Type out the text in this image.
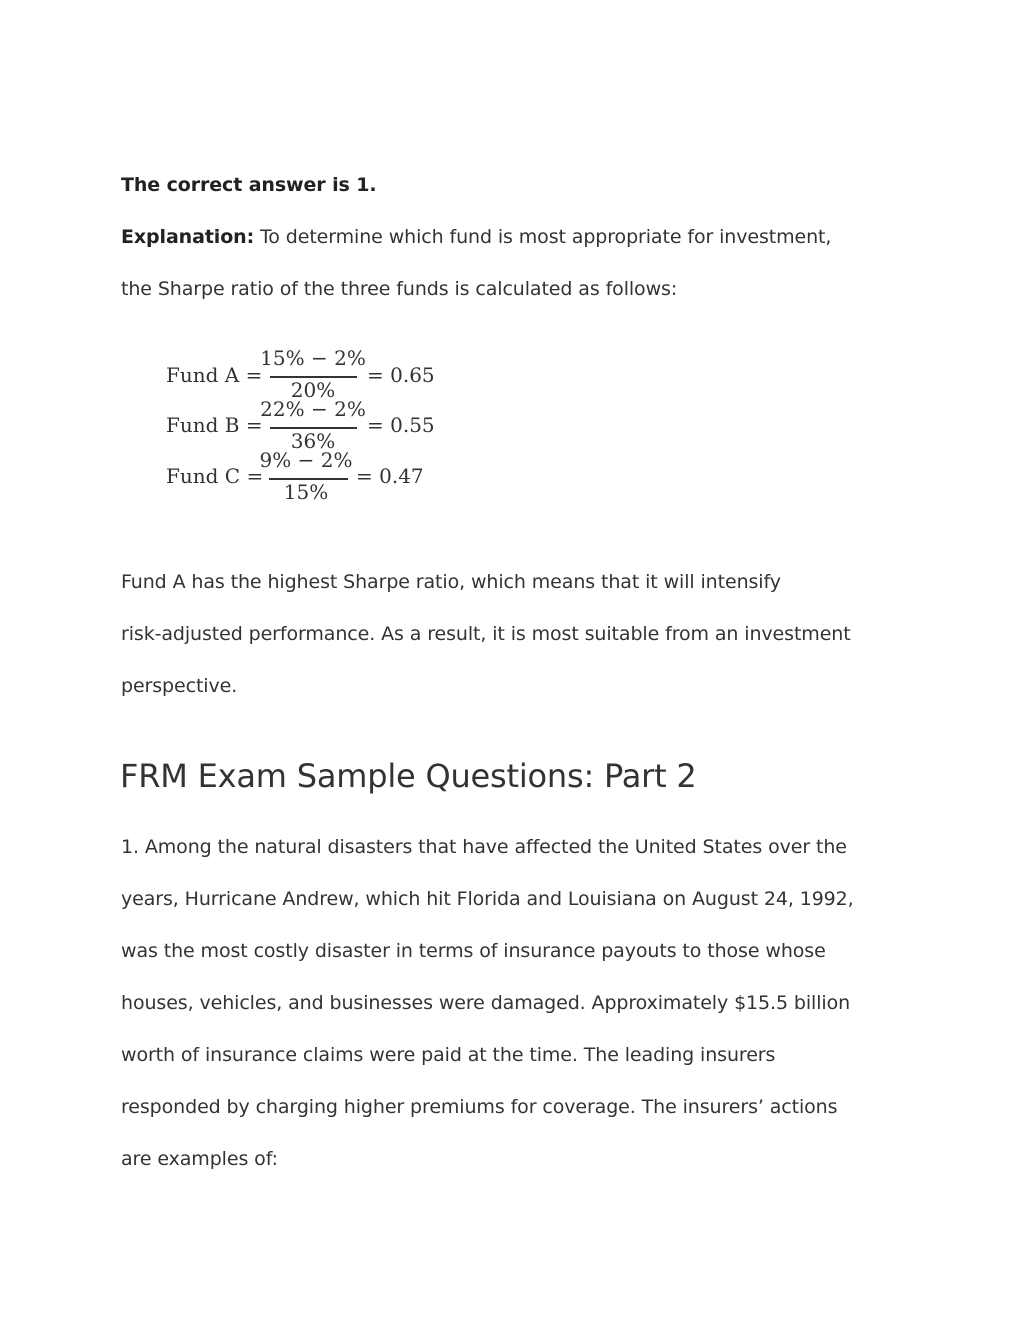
The correct answer is 1.
Explanation: To determine which fund is most appropriate for investment,
the Sharpe ratio of the three funds is calculated as follows:
Fund A =
15% − 2%
20%
= 0.65
Fund B =
22% − 2%
36%
= 0.55
Fund C =
9% − 2%
15%
= 0.47
Fund A has the highest Sharpe ratio, which means that it will intensify
risk-adjusted performance. As a result, it is most suitable from an investment
perspective.
FRM Exam Sample Questions: Part 2
1. Among the natural disasters that have affected the United States over the
years, Hurricane Andrew, which hit Florida and Louisiana on August 24, 1992,
was the most costly disaster in terms of insurance payouts to those whose
houses, vehicles, and businesses were damaged. Approximately $15.5 billion
worth of insurance claims were paid at the time. The leading insurers
responded by charging higher premiums for coverage. The insurers’ actions
are examples of:
